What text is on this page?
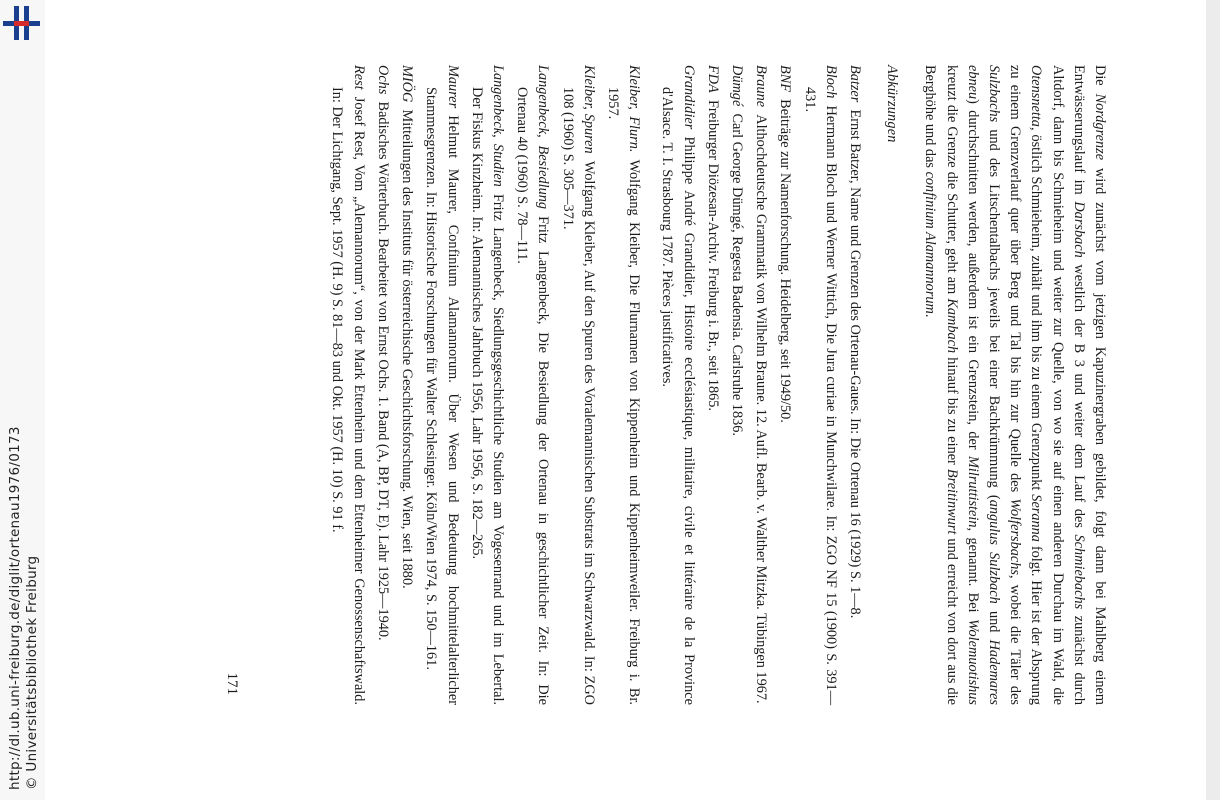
http://dl.ub.uni-freiburg.de/diglit/ortenau1976/0173 © Universitätsbibliothek Freiburg

Die Nordgrenze wird zunächst vom jetzigen Kapuzinergraben gebildet, folgt dann bei Mahlberg einem Entwässerungslauf im Darsbach westlich der B 3 und weiter dem Lauf des Schmiebachs zunächst durch Altdorf, dann bis Schmieheim und weiter zur Quelle, von wo sie auf einen anderen Durchau im Wald, die Otensnetta, östlich Schmieheim, zuhält und ihm bis zu einem Grenzpunkt Seranna folgt. Hier ist der Absprung zu einem Grenzverlauf quer über Berg und Tal bis hin zur Quelle des Wolfersbachs, wobei die Täler des Sulzbachs und des Litschentalbachs jeweils bei einer Bachkrümmung (angulus Sulzbach und Hademares ebneu) durchschnitten werden, außerdem ist ein Grenzstein, der Milruttistein, genannt. Bei Wolemuotishus kreuzt die Grenze die Schutter, geht am Kambach hinauf bis zu einer Breitinwurt und erreicht von dort aus die Berghöhe und das confinium Alamannorum.

Abkürzungen
Batzer Ernst Batzer, Name und Grenzen des Ortenau-Gaues. In: Die Ortenau 16 (1929) S. 1—8.
Bloch Hermann Bloch und Werner Wittich, Die Jura curiae in Munchwilare. In: ZGO NF 15 (1900) S. 391—431.
BNF Beiträge zur Namenforschung. Heidelberg, seit 1949/50.
Braune Althochdeutsche Grammatik von Wilhelm Braune. 12. Aufl. Bearb. v. Walther Mitzka. Tübingen 1967.
Dümgé Carl George Dümgé, Regesta Badensia. Carlsruhe 1836.
FDA Freiburger Diözesan-Archiv. Freiburg i. Br., seit 1865.
Grandidier Philippe André Grandidier, Histoire ecclésiastique, militaire, civile et littéraire de la Province d'Alsace. T. I. Strasbourg 1787. Pièces justificatives.
Kleiber, Flurn. Wolfgang Kleiber, Die Flurnamen von Kippenheim und Kippenheimweiler. Freiburg i. Br. 1957.
Kleiber, Spuren Wolfgang Kleiber, Auf den Spuren des Voralemannischen Substrats im Schwarzwald. In: ZGO 108 (1960) S. 305—371.
Langenbeck, Besiedlung Fritz Langenbeck, Die Besiedlung der Ortenau in geschichtlicher Zeit. In: Die Ortenau 40 (1960) S. 78—111.
Langenbeck, Studien Fritz Langenbeck, Siedlungsgeschichtliche Studien am Vogesenrand und im Lebertal. Der Fiskus Kinzheim. In: Alemannisches Jahrbuch 1956, Lahr 1956, S. 182—265.
Maurer Helmut Maurer, Confinium Alamannorum. Über Wesen und Bedeutung hochmittelalterlicher Stammesgrenzen. In: Historische Forschungen für Walter Schlesinger. Köln/Wien 1974, S. 150—161.
MIÖG Mitteilungen des Instituts für österreichische Geschichtsforschung. Wien, seit 1880.
Ochs Badisches Wörterbuch. Bearbeitet von Ernst Ochs. 1. Band (A, BP, DT, E). Lahr 1925—1940.
Rest Josef Rest, Vom „Alemannorum“, von der Mark Ettenheim und dem Ettenheimer Genossenschaftswald. In: Der Lichtgang, Sept. 1957 (H. 9) S. 81—83 und Okt. 1957 (H. 10) S. 91 f.
171
